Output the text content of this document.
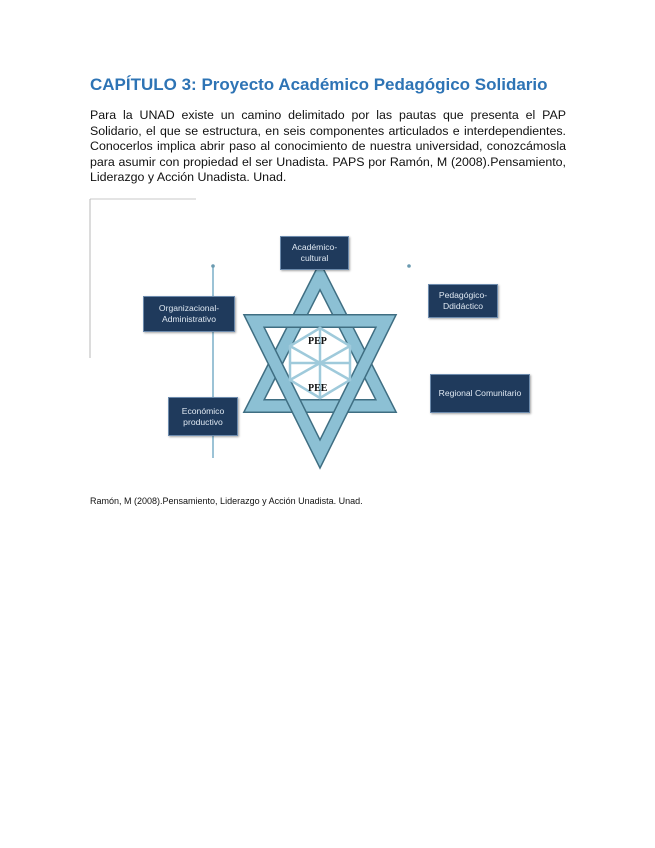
CAPÍTULO 3: Proyecto Académico Pedagógico Solidario
Para la UNAD existe un camino delimitado por las pautas que presenta el PAP Solidario, el que se estructura, en seis componentes articulados e interdependientes. Conocerlos implica abrir paso al conocimiento de nuestra universidad, conozcámosla para asumir con propiedad el ser Unadista. PAPS por Ramón, M (2008).Pensamiento, Liderazgo y Acción Unadista. Unad.
Académico-cultural
Organizacional-Administrativo
Pedagógico-Ddidáctico
Regional Comunitario
Económico productivo
PEP
PEE
Ramón, M (2008).Pensamiento, Liderazgo y Acción Unadista. Unad.
